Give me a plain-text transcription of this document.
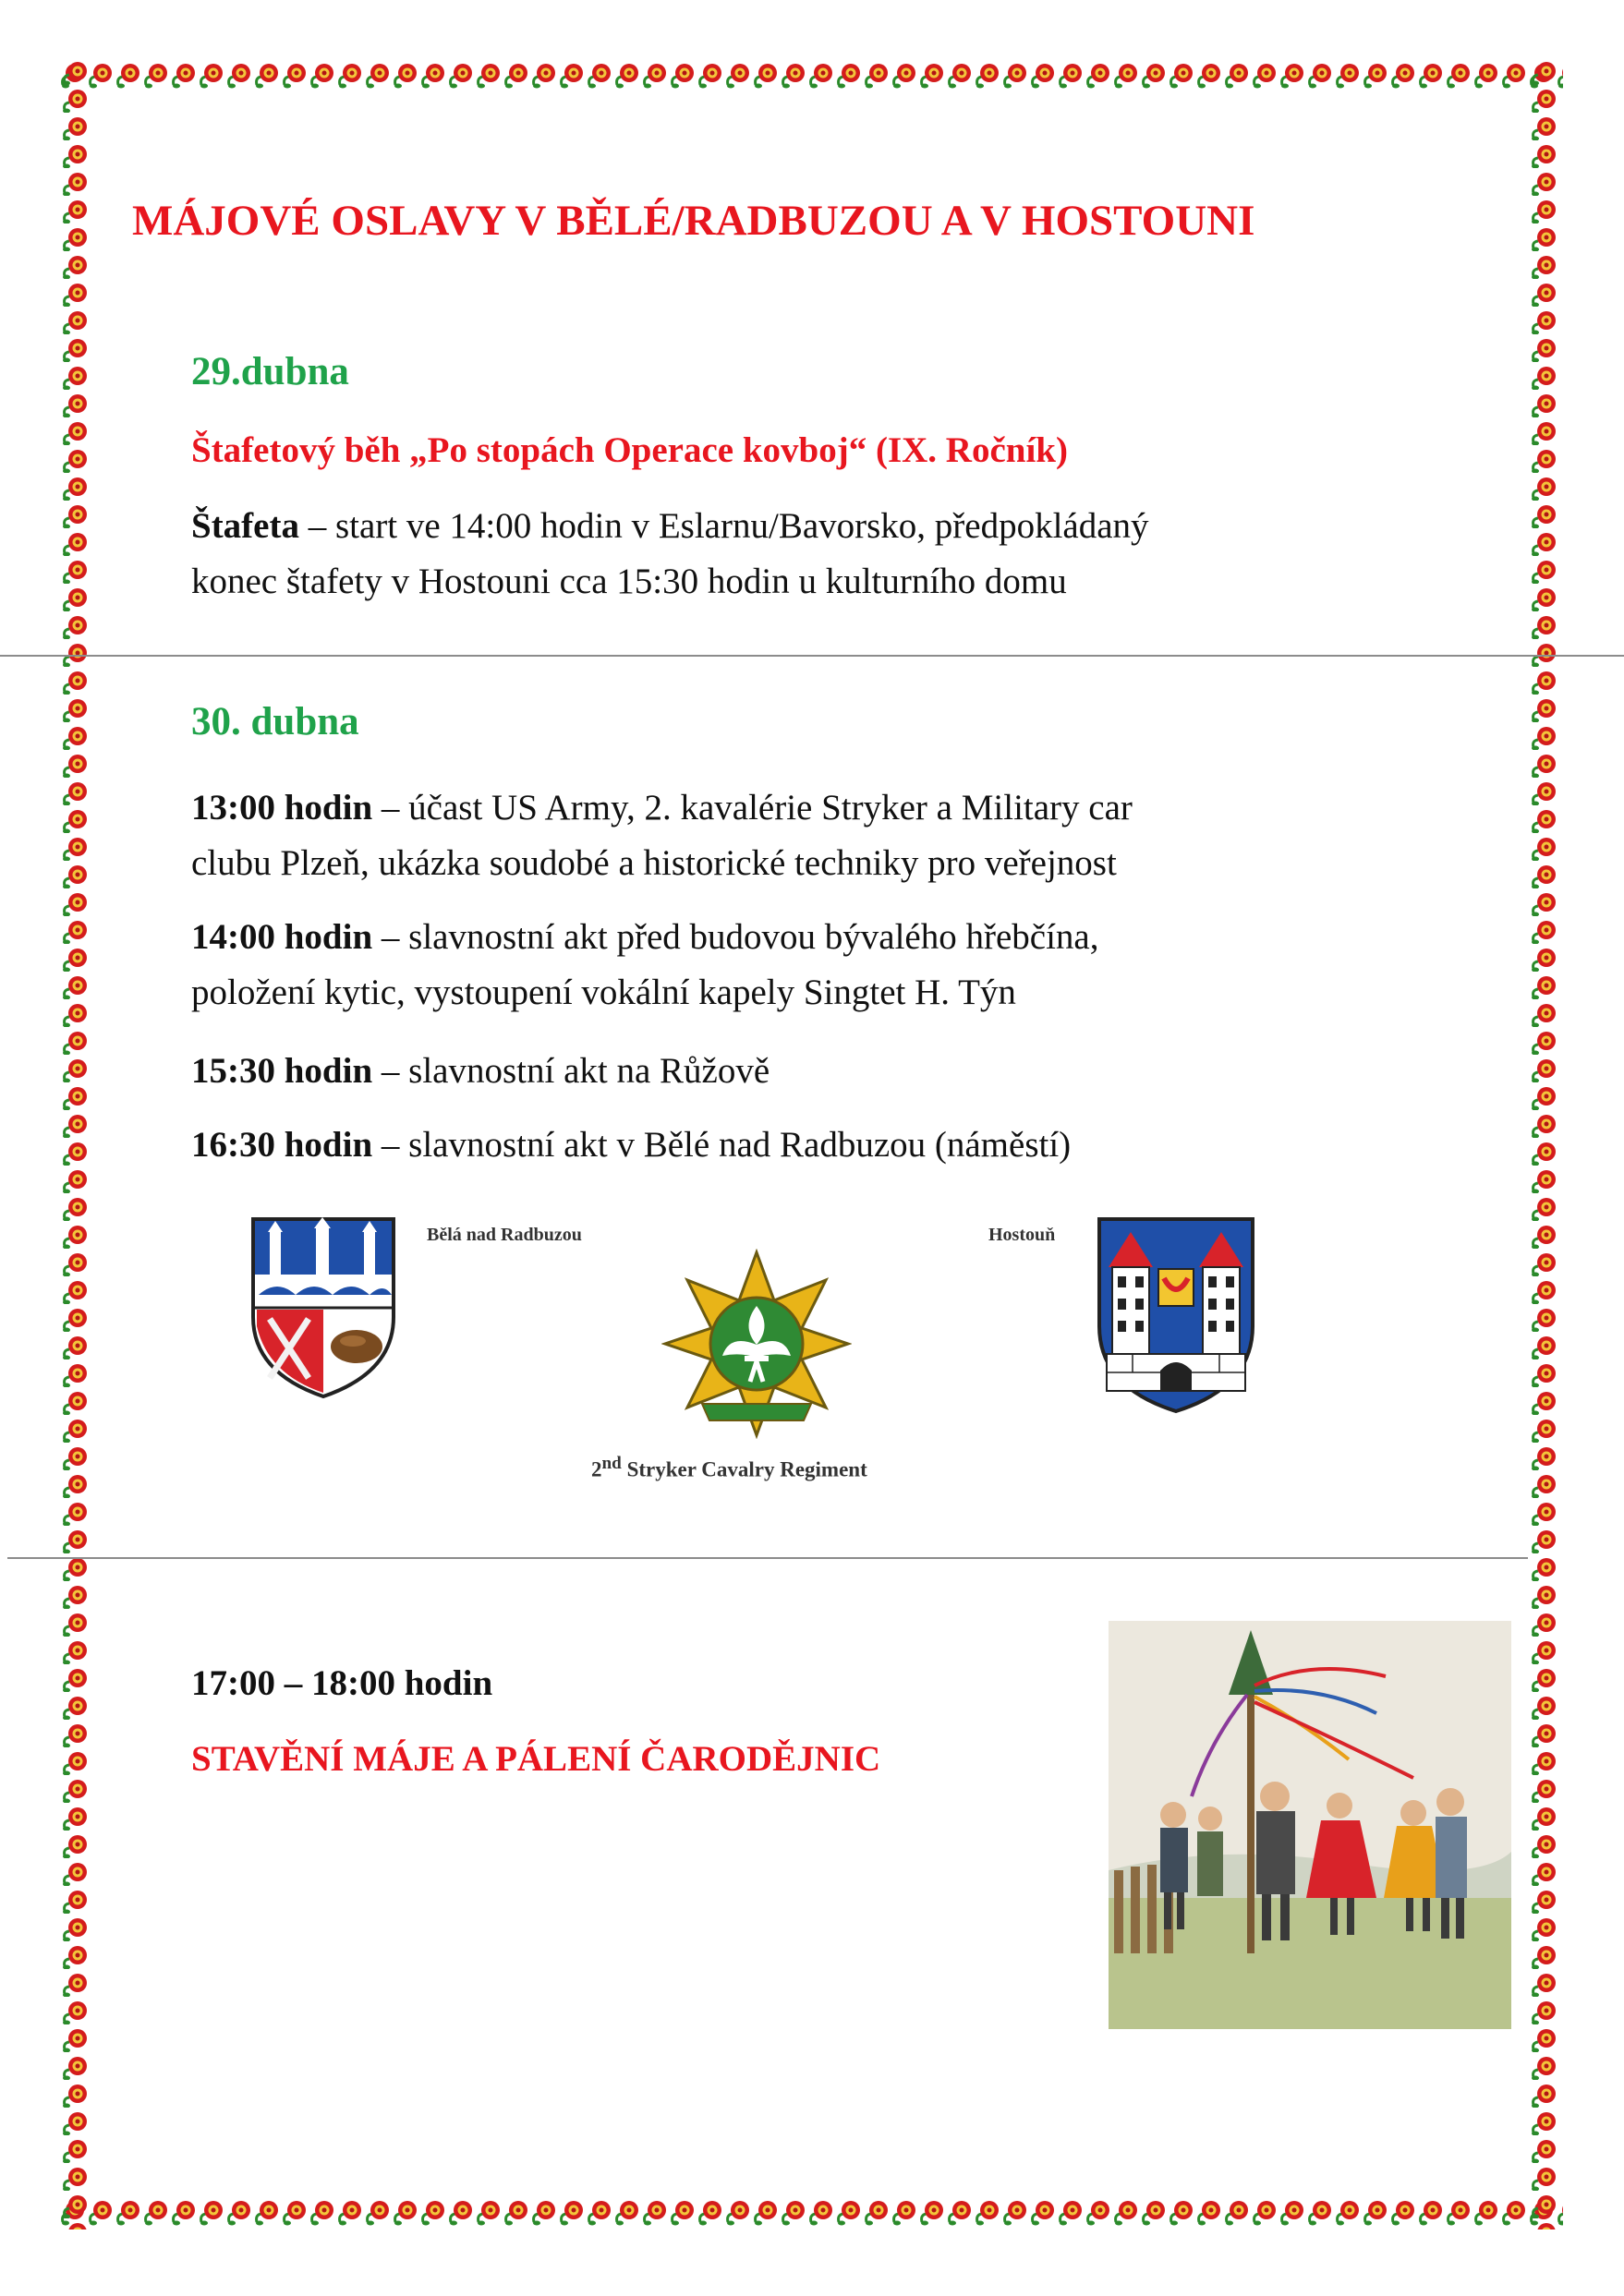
MÁJOVÉ OSLAVY V BĚLÉ/RADBUZOU A V HOSTOUNI
29.dubna
Štafetový běh „Po stopách Operace kovboj“ (IX. Ročník)
Štafeta – start ve 14:00 hodin v Eslarnu/Bavorsko, předpokládaný
konec štafety v Hostouni cca 15:30 hodin u kulturního domu
30. dubna
13:00 hodin – účast US Army, 2. kavalérie Stryker a Military car
clubu Plzeň, ukázka soudobé a historické techniky pro veřejnost
14:00 hodin – slavnostní akt před budovou bývalého hřebčína,
položení kytic, vystoupení vokální kapely Singtet H. Týn
15:30 hodin – slavnostní akt na Růžově
16:30 hodin – slavnostní akt v Bělé nad Radbuzou (náměstí)
Bělá nad Radbuzou
2nd Stryker Cavalry Regiment
Hostouň
17:00 – 18:00 hodin
STAVĚNÍ MÁJE A PÁLENÍ ČARODĚJNIC
